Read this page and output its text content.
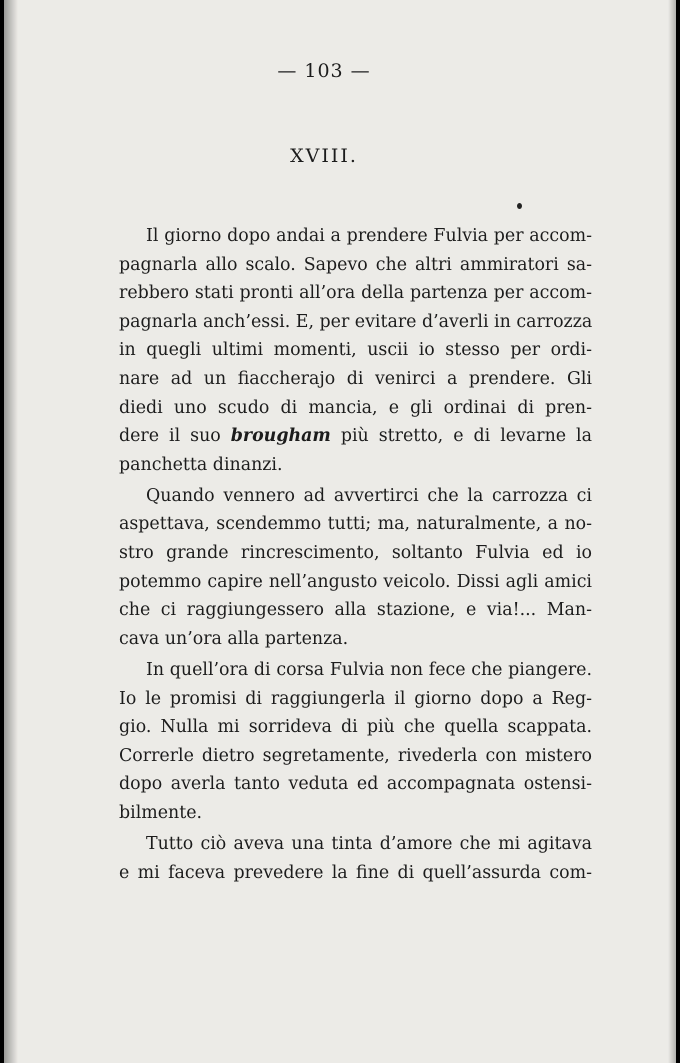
— 103 —
XVIII.

Il giorno dopo andai a prendere Fulvia per accom-
pagnarla allo scalo. Sapevo che altri ammiratori sa-
rebbero stati pronti all’ora della partenza per accom-
pagnarla anch’essi. E, per evitare d’averli in carrozza
in quegli ultimi momenti, uscii io stesso per ordi-
nare ad un fiaccherajo di venirci a prendere. Gli
diedi uno scudo di mancia, e gli ordinai di pren-
dere il suo brougham più stretto, e di levarne la
panchetta dinanzi.

Quando vennero ad avvertirci che la carrozza ci
aspettava, scendemmo tutti; ma, naturalmente, a no-
stro grande rincrescimento, soltanto Fulvia ed io
potemmo capire nell’angusto veicolo. Dissi agli amici
che ci raggiungessero alla stazione, e via!... Man-
cava un’ora alla partenza.

In quell’ora di corsa Fulvia non fece che piangere.
Io le promisi di raggiungerla il giorno dopo a Reg-
gio. Nulla mi sorrideva di più che quella scappata.
Correrle dietro segretamente, rivederla con mistero
dopo averla tanto veduta ed accompagnata ostensi-
bilmente.

Tutto ciò aveva una tinta d’amore che mi agitava
e mi faceva prevedere la fine di quell’assurda com-
